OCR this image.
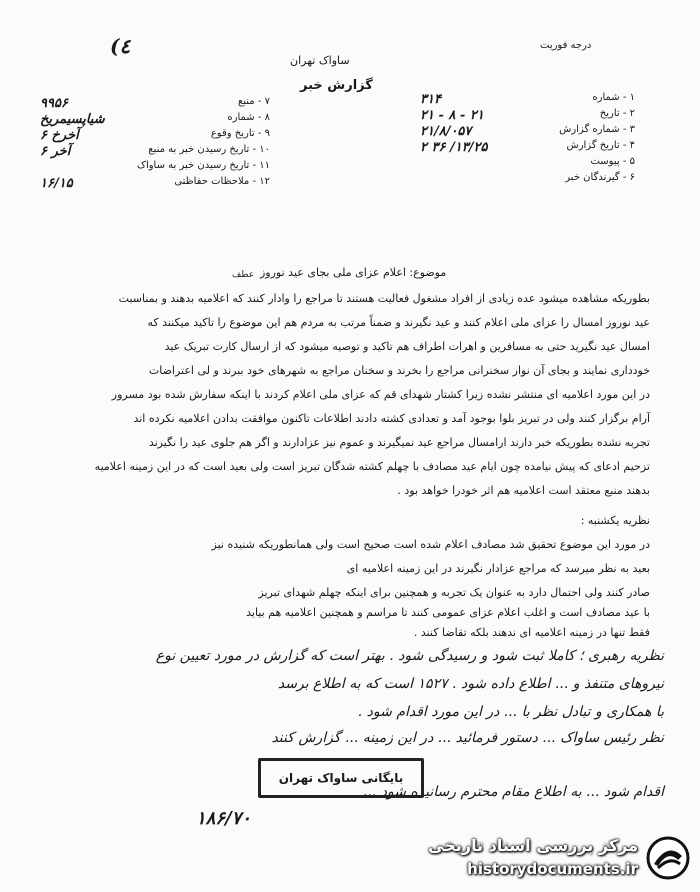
(٤	درجه فوریت
ساواک تهران
گزارش خبر
۱ - شماره
۳۱۴
۲ - تاریخ
۲۱ - ۸ - ۲۱
۳ - شماره گزارش
۲۱/۸/۰۵۷
۴ - تاریخ گزارش
۱۳/۲۵/ ۳۶ ۲
۵ - پیوست
۶ - گیرندگان خبر
۷ - منبع
۹۹۵۶
۸ - شماره
شیاپسیمریخ
۹ - تاریخ وقوع
آخرخ ۶
۱۰ - تاریخ رسیدن خبر به منبع
آخر ۶
۱۱ - تاریخ رسیدن خبر به ساواک
۱۲ - ملاحظات حفاظتی
۱۶/۱۵
موضوع: اعلام عزای ملی بجای عید نوروز
عطف
بطوریکه مشاهده میشود عده زیادی از افراد مشغول فعالیت هستند تا مراجع را وادار کنند که اعلامیه بدهند و بمناسبت
عید نوروز امسال را عزای ملی اعلام کنند و عید نگیرند و ضمناً مرتب به مردم هم این موضوع را تاکید میکنند که
امسال عید نگیرید حتی به مسافرین و اهرات اطراف هم تاکید و توصیه میشود که از ارسال کارت تبریک عید
خودداری نمایند و بجای آن نوار سخنرانی مراجع را بخرند و سخنان مراجع به شهرهای خود ببرند و لی اعتراضات
در این مورد اعلامیه ای منتشر نشده زیرا کشتار شهدای قم که عزای ملی اعلام کردند با اینکه سفارش شده بود مسرور
آرام برگزار کنند ولی در تبریز بلوا بوجود آمد و تعدادی کشته دادند اطلاعات تاکنون موافقت بدادن اعلامیه نکرده اند
تجربه نشده بطوریکه خبر دارند ارامسال مراجع عید نمیگیرند و عموم نیز عزادارند و اگر هم جلوی عید را نگیرند
تزحیم ادعای که پیش نیامده چون ایام عید مصادف با چهلم کشته شدگان تبریز است ولی بعید است که در این زمینه اعلامیه
بدهند منبع معتقد است اعلامیه هم اثر خودرا خواهد بود .
نظریه یکشنبه :
در مورد این موضوع تحقیق شد مصادف اعلام شده است صحیح است ولی همانطوریکه شنیده نیز
بعید به نظر میرسد که مراجع عزادار نگیرند در این زمینه اعلامیه ای
صادر کنند ولی احتمال دارد به عنوان یک تجربه و همچنین برای اینکه چهلم شهدای تبریز
با عید مصادف است و اغلب اعلام عزای عمومی کنند تا مراسم و همچنین اعلامیه هم بیاید
فقط تنها در زمینه اعلامیه ای ندهند بلکه تقاضا کنند .
نظریه رهبری ؛ کاملا ثبت شود و رسیدگی شود . بهتر است که گزارش در مورد تعیین نوع
نیروهای متنفذ و ... اطلاع داده شود . ۱۵۲۷ است که به اطلاع برسد
با همکاری و تبادل نظر با ... در این مورد اقدام شود .
نظر رئیس ساواک ... دستور فرمائید ... در این زمینه ... گزارش کنند
اقدام شود ... به اطلاع مقام محترم رسانیده شود ...
بایگانی ساواک تهران
۱۸۶/۷۰
مرکز بررسی اسناد تاریخی
historydocuments.ir
